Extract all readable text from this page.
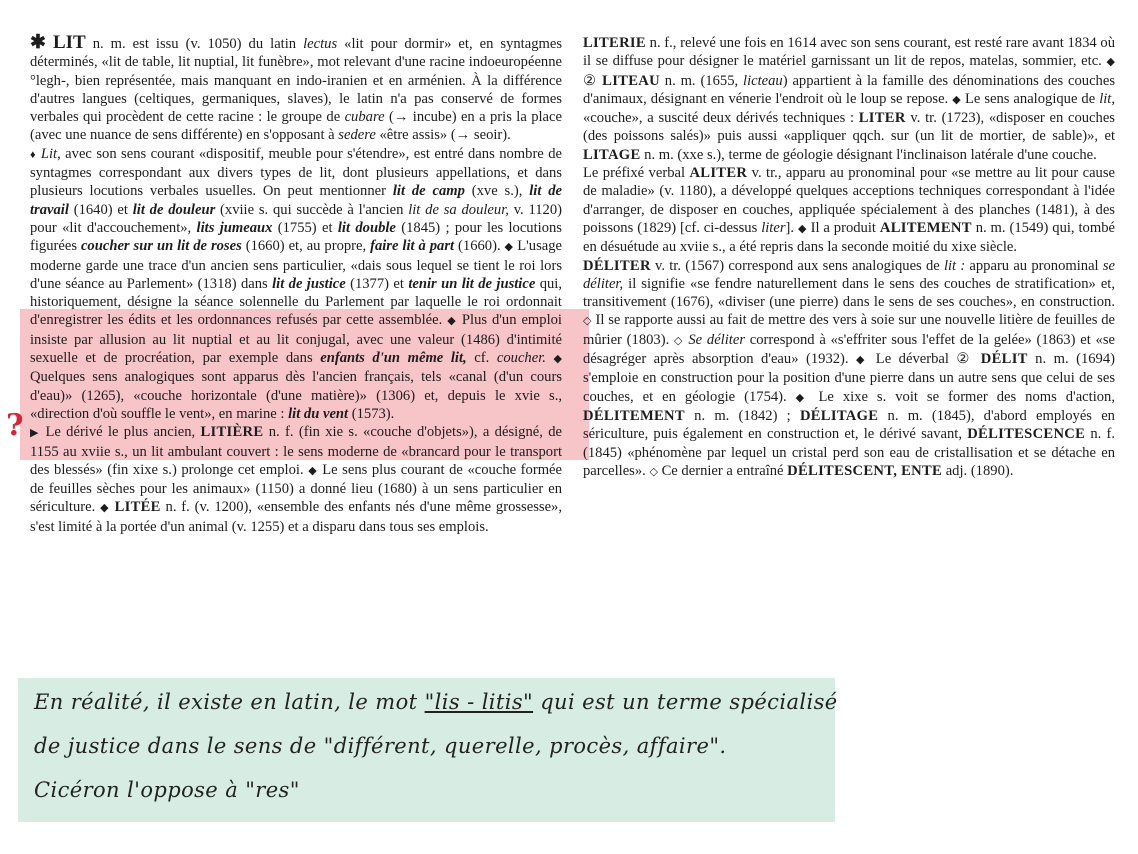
?

✱ LIT n. m. est issu (v. 1050) du latin lectus «lit pour dormir» et, en syntagmes déterminés, «lit de table, lit nuptial, lit funèbre», mot relevant d'une racine indoeuropéenne °legh-, bien représentée, mais manquant en indo-iranien et en arménien. À la différence d'autres langues (celtiques, germaniques, slaves), le latin n'a pas conservé de formes verbales qui procèdent de cette racine : le groupe de cubare (→ incube) en a pris la place (avec une nuance de sens différente) en s'opposant à sedere «être assis» (→ seoir).

♦ Lit, avec son sens courant «dispositif, meuble pour s'étendre», est entré dans nombre de syntagmes correspondant aux divers types de lit, dont plusieurs appellations, et dans plusieurs locutions verbales usuelles. On peut mentionner lit de camp (xve s.), lit de travail (1640) et lit de douleur (xviie s. qui succède à l'ancien lit de sa douleur, v. 1120) pour «lit d'accouchement», lits jumeaux (1755) et lit double (1845) ; pour les locutions figurées coucher sur un lit de roses (1660) et, au propre, faire lit à part (1660). ◆ L'usage moderne garde une trace d'un ancien sens particulier, «dais sous lequel se tient le roi lors d'une séance au Parlement» (1318) dans lit de justice (1377) et tenir un lit de justice qui, historiquement, désigne la séance solennelle du Parlement par laquelle le roi ordonnait d'enregistrer les édits et les ordonnances refusés par cette assemblée. ◆ Plus d'un emploi insiste par allusion au lit nuptial et au lit conjugal, avec une valeur (1486) d'intimité sexuelle et de procréation, par exemple dans enfants d'un même lit, cf. coucher. ◆ Quelques sens analogiques sont apparus dès l'ancien français, tels «canal (d'un cours d'eau)» (1265), «couche horizontale (d'une matière)» (1306) et, depuis le xvie s., «direction d'où souffle le vent», en marine : lit du vent (1573).

▶ Le dérivé le plus ancien, LITIÈRE n. f. (fin xie s. «couche d'objets»), a désigné, de 1155 au xviie s., un lit ambulant couvert : le sens moderne de «brancard pour le transport des blessés» (fin xixe s.) prolonge cet emploi. ◆ Le sens plus courant de «couche formée de feuilles sèches pour les animaux» (1150) a donné lieu (1680) à un sens particulier en sériculture. ◆ LITÉE n. f. (v. 1200), «ensemble des enfants nés d'une même grossesse», s'est limité à la portée d'un animal (v. 1255) et a disparu dans tous ses emplois.

LITERIE n. f., relevé une fois en 1614 avec son sens courant, est resté rare avant 1834 où il se diffuse pour désigner le matériel garnissant un lit de repos, matelas, sommier, etc. ◆ ② LITEAU n. m. (1655, licteau) appartient à la famille des dénominations des couches d'animaux, désignant en vénerie l'endroit où le loup se repose. ◆ Le sens analogique de lit, «couche», a suscité deux dérivés techniques : LITER v. tr. (1723), «disposer en couches (des poissons salés)» puis aussi «appliquer qqch. sur (un lit de mortier, de sable)», et LITAGE n. m. (xxe s.), terme de géologie désignant l'inclinaison latérale d'une couche.

Le préfixé verbal ALITER v. tr., apparu au pronominal pour «se mettre au lit pour cause de maladie» (v. 1180), a développé quelques acceptions techniques correspondant à l'idée d'arranger, de disposer en couches, appliquée spécialement à des planches (1481), à des poissons (1829) [cf. ci-dessus liter]. ◆ Il a produit ALITEMENT n. m. (1549) qui, tombé en désuétude au xviie s., a été repris dans la seconde moitié du xixe siècle.

DÉLITER v. tr. (1567) correspond aux sens analogiques de lit : apparu au pronominal se déliter, il signifie «se fendre naturellement dans le sens des couches de stratification» et, transitivement (1676), «diviser (une pierre) dans le sens de ses couches», en construction. ◇ Il se rapporte aussi au fait de mettre des vers à soie sur une nouvelle litière de feuilles de mûrier (1803). ◇ Se déliter correspond à «s'effriter sous l'effet de la gelée» (1863) et «se désagréger après absorption d'eau» (1932). ◆ Le déverbal ② DÉLIT n. m. (1694) s'emploie en construction pour la position d'une pierre dans un autre sens que celui de ses couches, et en géologie (1754). ◆ Le xixe s. voit se former des noms d'action, DÉLITEMENT n. m. (1842) ; DÉLITAGE n. m. (1845), d'abord employés en sériculture, puis également en construction et, le dérivé savant, DÉLITESCENCE n. f. (1845) «phénomène par lequel un cristal perd son eau de cristallisation et se détache en parcelles». ◇ Ce dernier a entraîné DÉLITESCENT, ENTE adj. (1890).

En réalité, il existe en latin, le mot "lis - litis" qui est un terme spécialisé
de justice dans le sens de "différent, querelle, procès, affaire".
Cicéron l'oppose à "res"
